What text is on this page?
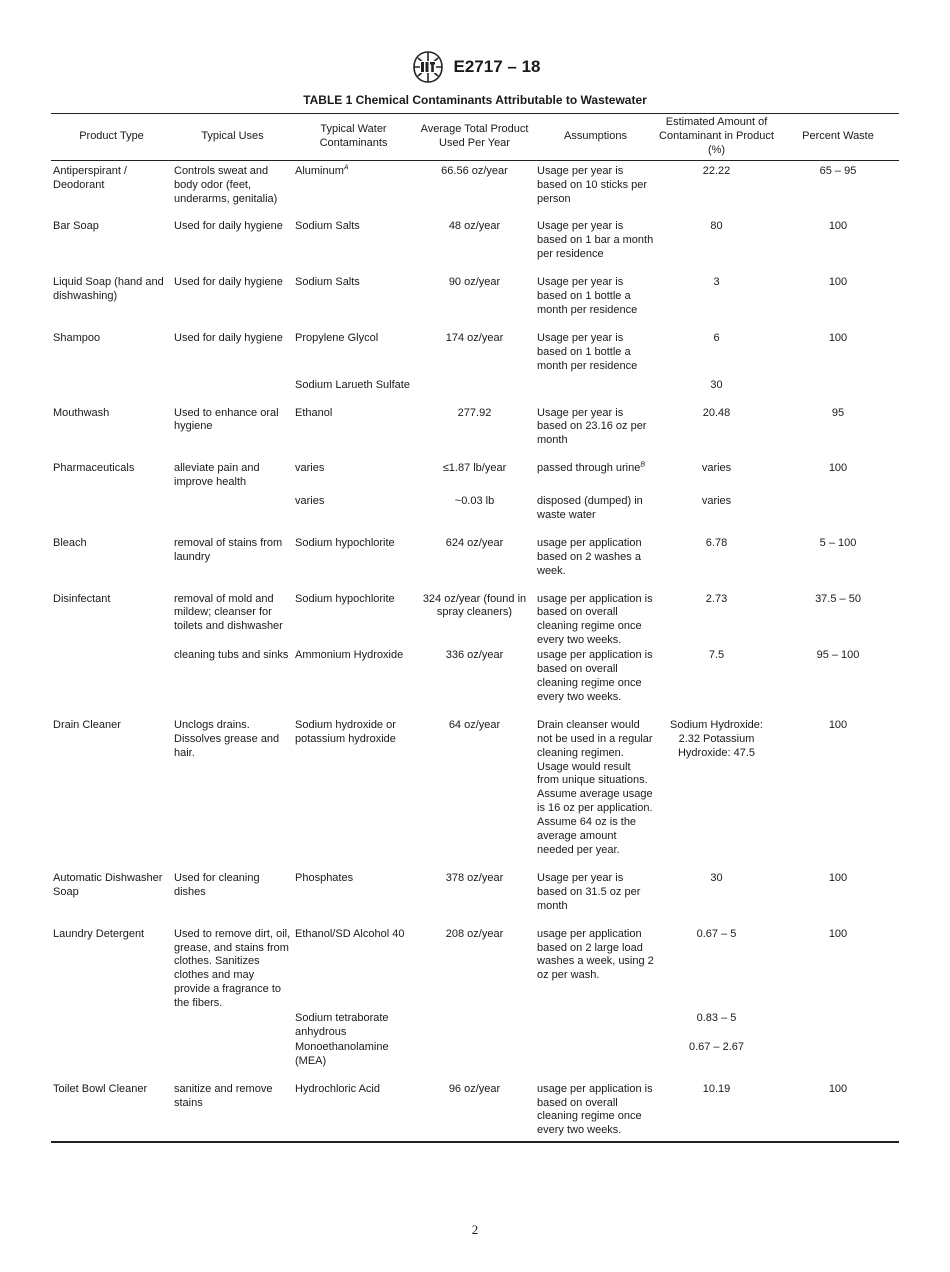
E2717 – 18
TABLE 1 Chemical Contaminants Attributable to Wastewater
Product Type	Typical Uses	Typical Water Contaminants	Average Total Product Used Per Year	Assumptions	Estimated Amount of Contaminant in Product (%)	Percent Waste
Antiperspirant / Deodorant	Controls sweat and body odor (feet, underarms, genitalia)	Aluminum$^A$	66.56 oz/year	Usage per year is based on 10 sticks per person	22.22	65 – 95
Bar Soap	Used for daily hygiene	Sodium Salts	48 oz/year	Usage per year is based on 1 bar a month per residence	80	100
Liquid Soap (hand and dishwashing)	Used for daily hygiene	Sodium Salts	90 oz/year	Usage per year is based on 1 bottle a month per residence	3	100
Shampoo	Used for daily hygiene	Propylene Glycol	174 oz/year	Usage per year is based on 1 bottle a month per residence	6	100
		Sodium Larueth Sulfate			30	
Mouthwash	Used to enhance oral hygiene	Ethanol	277.92	Usage per year is based on 23.16 oz per month	20.48	95
Pharmaceuticals	alleviate pain and improve health	varies	≤1.87 lb/year	passed through urine$^B$	varies	100
		varies	~0.03 lb	disposed (dumped) in waste water	varies	
Bleach	removal of stains from laundry	Sodium hypochlorite	624 oz/year	usage per application based on 2 washes a week.	6.78	5 – 100
Disinfectant	removal of mold and mildew; cleanser for toilets and dishwasher	Sodium hypochlorite	324 oz/year (found in spray cleaners)	usage per application is based on overall cleaning regime once every two weeks.	2.73	37.5 – 50
	cleaning tubs and sinks	Ammonium Hydroxide	336 oz/year	usage per application is based on overall cleaning regime once every two weeks.	7.5	95 – 100
Drain Cleaner	Unclogs drains. Dissolves grease and hair.	Sodium hydroxide or potassium hydroxide	64 oz/year	Drain cleanser would not be used in a regular cleaning regimen. Usage would result from unique situations. Assume average usage is 16 oz per application. Assume 64 oz is the average amount needed per year.	Sodium Hydroxide: 2.32 Potassium Hydroxide: 47.5	100
Automatic Dishwasher Soap	Used for cleaning dishes	Phosphates	378 oz/year	Usage per year is based on 31.5 oz per month	30	100
Laundry Detergent	Used to remove dirt, oil, grease, and stains from clothes. Sanitizes clothes and may provide a fragrance to the fibers.	Ethanol/SD Alcohol 40	208 oz/year	usage per application based on 2 large load washes a week, using 2 oz per wash.	0.67 – 5	100
		Sodium tetraborate anhydrous			0.83 – 5	
		Monoethanolamine (MEA)			0.67 – 2.67	
Toilet Bowl Cleaner	sanitize and remove stains	Hydrochloric Acid	96 oz/year	usage per application is based on overall cleaning regime once every two weeks.	10.19	100
2
